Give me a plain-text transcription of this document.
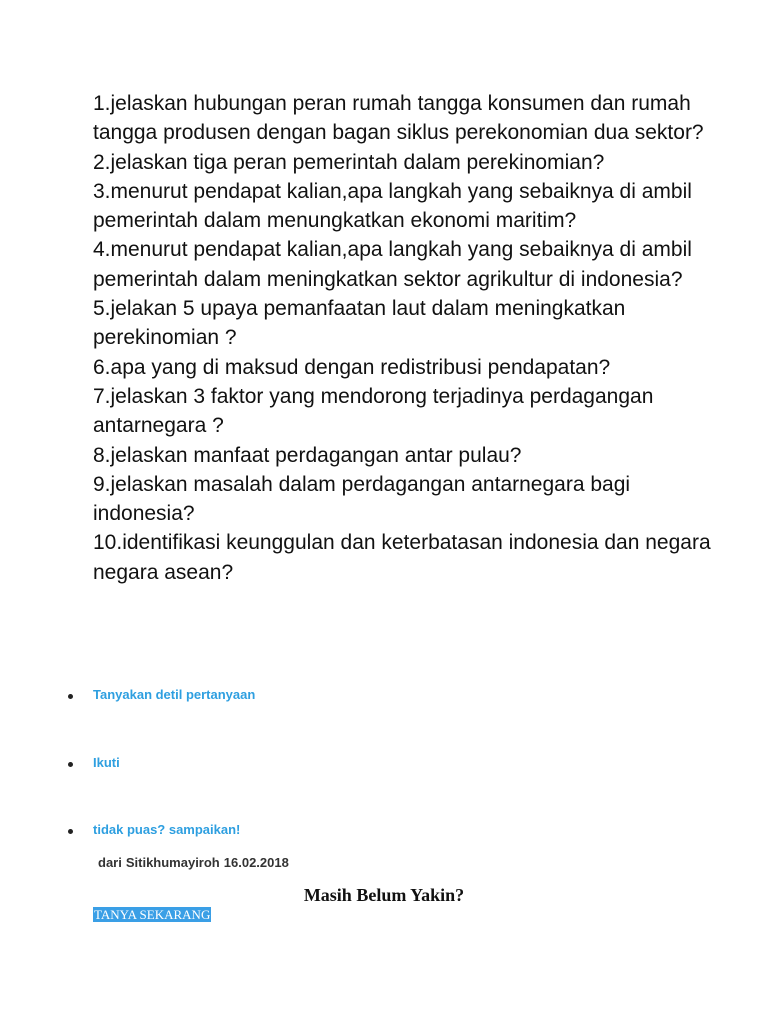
1.jelaskan hubungan peran rumah tangga konsumen dan rumah tangga produsen dengan bagan siklus perekonomian dua sektor?

2.jelaskan tiga peran pemerintah dalam perekinomian?

3.menurut pendapat kalian,apa langkah yang sebaiknya di ambil pemerintah dalam menungkatkan ekonomi maritim?

4.menurut pendapat kalian,apa langkah yang sebaiknya di ambil pemerintah dalam meningkatkan sektor agrikultur di indonesia?

5.jelakan 5 upaya pemanfaatan laut dalam meningkatkan perekinomian ?

6.apa yang di maksud dengan redistribusi pendapatan?

7.jelaskan 3 faktor yang mendorong terjadinya perdagangan antarnegara ?

8.jelaskan manfaat perdagangan antar pulau?

9.jelaskan masalah dalam perdagangan antarnegara bagi indonesia?

10.identifikasi keunggulan dan keterbatasan indonesia dan negara negara asean?

Tanyakan detil pertanyaan
Ikuti
tidak puas? sampaikan!
dari Sitikhumayiroh 16.02.2018
Masih Belum Yakin?
TANYA SEKARANG
